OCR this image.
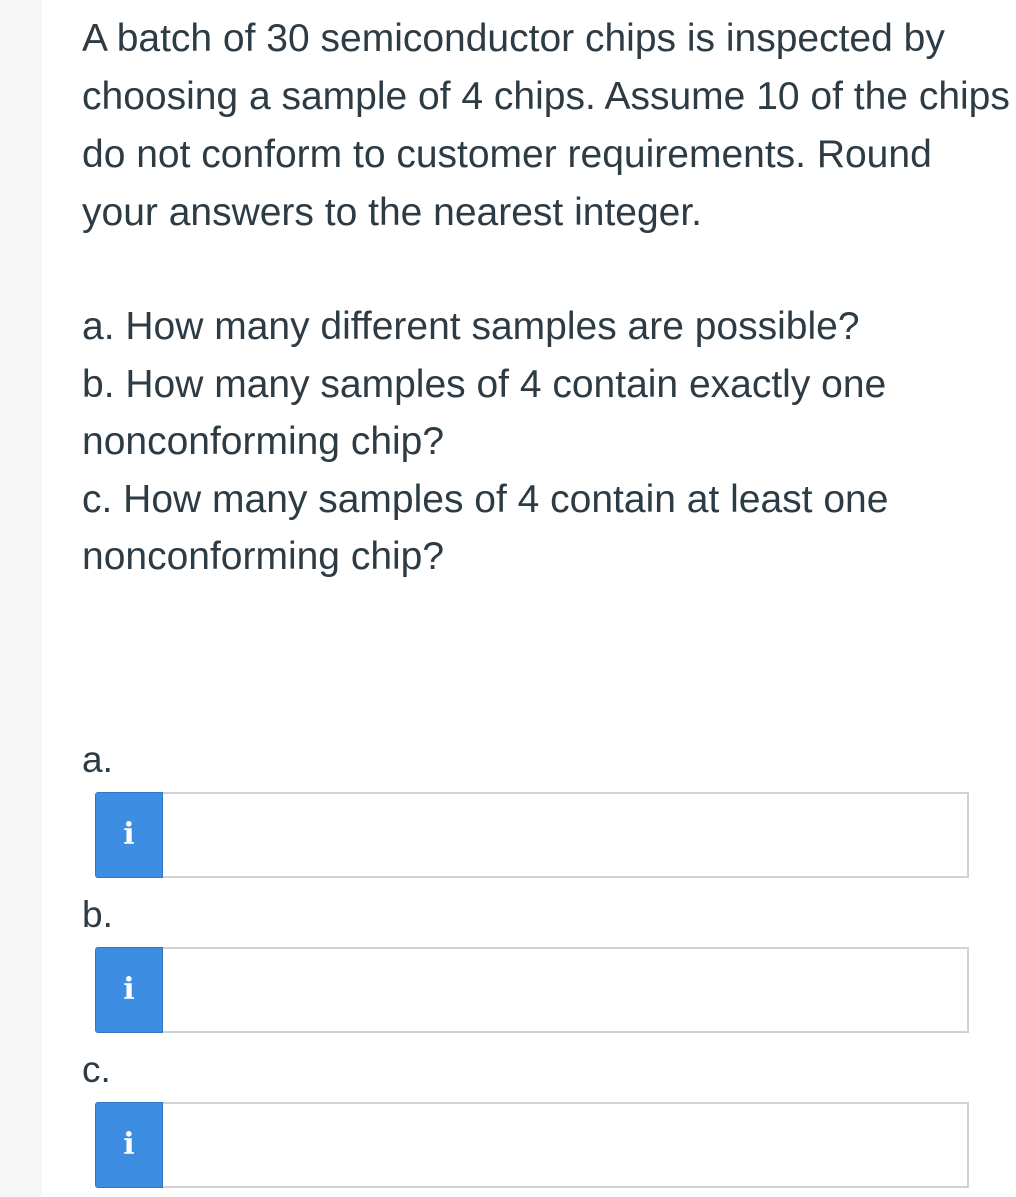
A batch of 30 semiconductor chips is inspected by choosing a sample of 4 chips. Assume 10 of the chips do not conform to customer requirements. Round your answers to the nearest integer.

a. How many different samples are possible?

b. How many samples of 4 contain exactly one nonconforming chip?

c. How many samples of 4 contain at least one nonconforming chip?

a.
i
b.
i
c.
i
